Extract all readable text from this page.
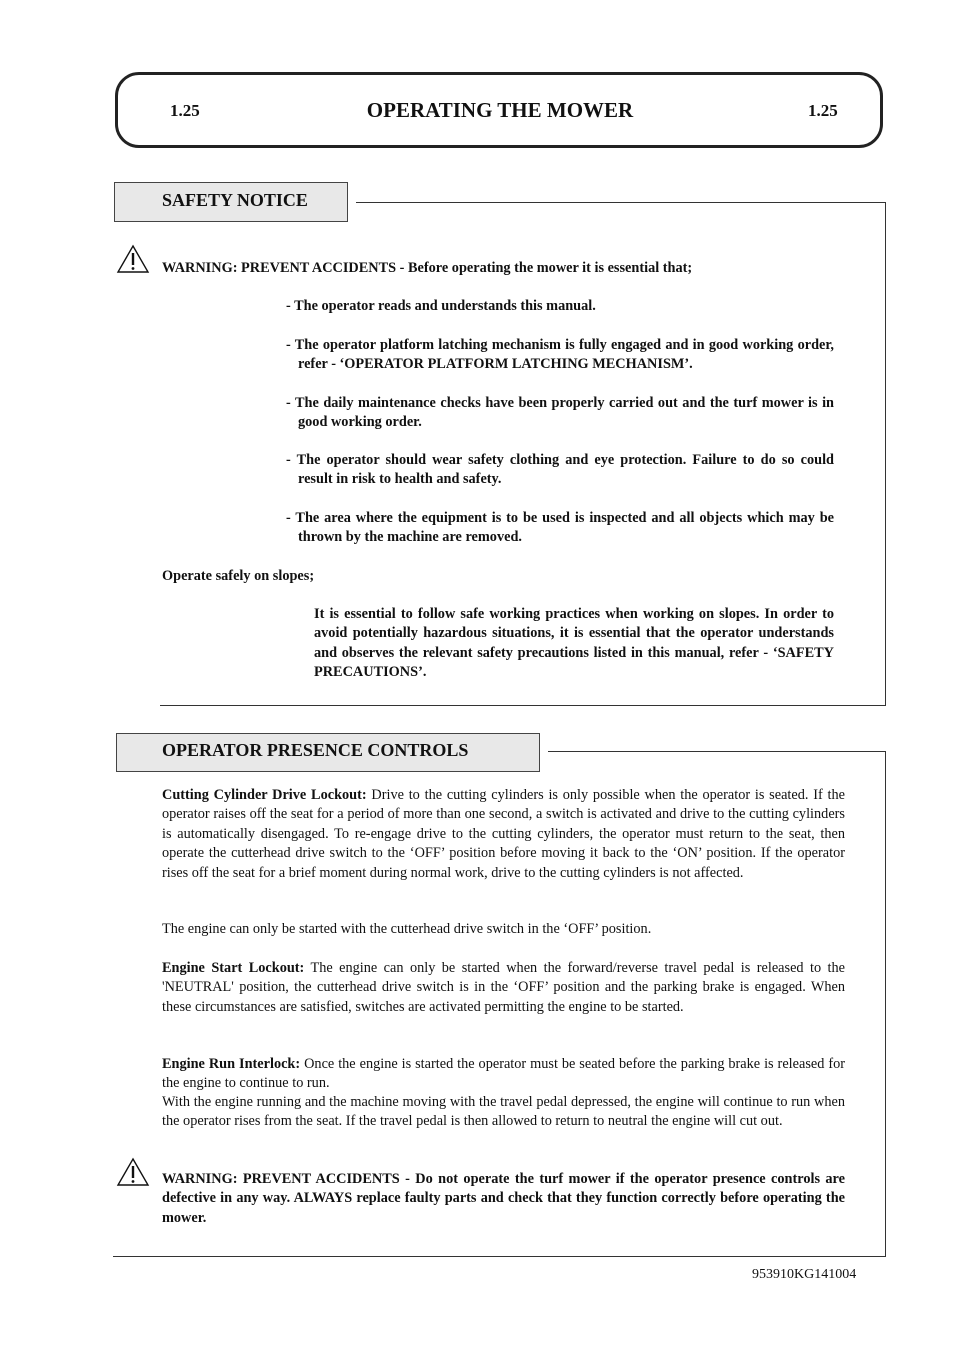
1.25	OPERATING THE MOWER	1.25
SAFETY NOTICE
WARNING: PREVENT ACCIDENTS - Before operating the mower it is essential that;
- The operator reads and understands this manual.
- The operator platform latching mechanism is fully engaged and in good working order, refer - ‘OPERATOR PLATFORM LATCHING MECHANISM’.
- The daily maintenance checks have been properly carried out and the turf mower is in good working order.
- The operator should wear safety clothing and eye protection. Failure to do so could result in risk to health and safety.
- The area where the equipment is to be used is inspected and all objects which may be thrown by the machine are removed.
Operate safely on slopes;
It is essential to follow safe working practices when working on slopes. In order to avoid potentially hazardous situations, it is essential that the operator understands and observes the relevant safety precautions listed in this manual, refer - ‘SAFETY PRECAUTIONS’.
OPERATOR PRESENCE CONTROLS
Cutting Cylinder Drive Lockout: Drive to the cutting cylinders is only possible when the operator is seated. If the operator raises off the seat for a period of more than one second, a switch is activated and drive to the cutting cylinders is automatically disengaged. To re-engage drive to the cutting cylinders, the operator must return to the seat, then operate the cutterhead drive switch to the ‘OFF’ position before moving it back to the ‘ON’ position. If the operator rises off the seat for a brief moment during normal work, drive to the cutting cylinders is not affected.
The engine can only be started with the cutterhead drive switch in the ‘OFF’ position.
Engine Start Lockout: The engine can only be started when the forward/reverse travel pedal is released to the 'NEUTRAL' position, the cutterhead drive switch is in the ‘OFF’ position and the parking brake is engaged. When these circumstances are satisfied, switches are activated permitting the engine to be started.
Engine Run Interlock: Once the engine is started the operator must be seated before the parking brake is released for the engine to continue to run.
With the engine running and the machine moving with the travel pedal depressed, the engine will continue to run when the operator rises from the seat. If the travel pedal is then allowed to return to neutral the engine will cut out.
WARNING: PREVENT ACCIDENTS - Do not operate the turf mower if the operator presence controls are defective in any way. ALWAYS replace faulty parts and check that they function correctly before operating the mower.
953910KG141004
